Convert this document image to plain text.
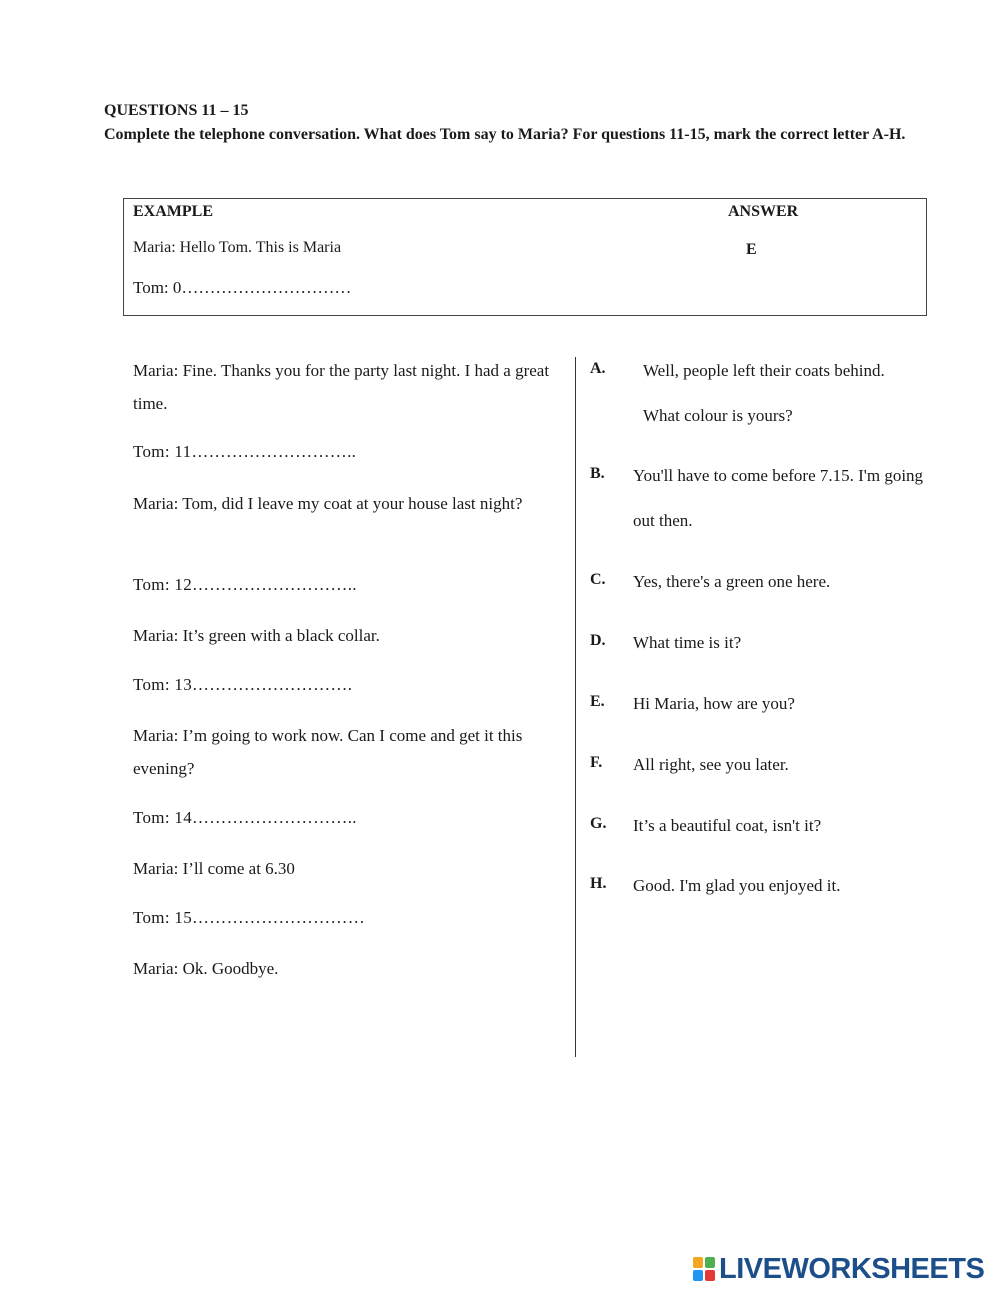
QUESTIONS 11 – 15
Complete the telephone conversation. What does Tom say to Maria? For questions 11-15, mark the correct letter A-H.
EXAMPLE	ANSWER
Maria: Hello Tom. This is Maria	E
Tom: 0…………………………
Maria: Fine. Thanks you for the party last night. I had a great time.
Tom: 11………………………..
Maria: Tom, did I leave my coat at your house last night?
Tom: 12………………………..
Maria: It’s green with a black collar.
Tom: 13……………………….
Maria: I’m going to work now. Can I come and get it this evening?
Tom: 14………………………..
Maria: I’ll come at 6.30
Tom: 15…………………………
Maria: Ok. Goodbye.
A. Well, people left their coats behind. What colour is yours?
B. You'll have to come before 7.15. I'm going out then.
C. Yes, there's a green one here.
D. What time is it?
E. Hi Maria, how are you?
F. All right, see you later.
G. It’s a beautiful coat, isn't it?
H. Good. I'm glad you enjoyed it.
LIVEWORKSHEETS
